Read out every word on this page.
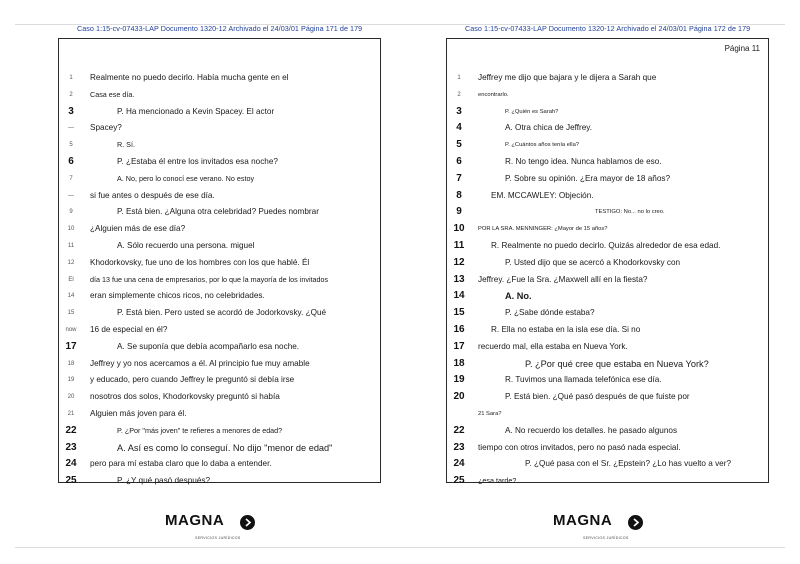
Caso 1:15-cv-07433-LAP Documento 1320-12 Archivado el 24/03/01 Página 171 de 179	Caso 1:15-cv-07433-LAP Documento 1320-12 Archivado el 24/03/01 Página 172 de 179
1	Realmente no puedo decirlo. Había mucha gente en el
2	Casa ese día.
3	P. Ha mencionado a Kevin Spacey. El actor
—	Spacey?
5	R. Sí.
6	P. ¿Estaba él entre los invitados esa noche?
7	A. No, pero lo conocí ese verano. No estoy
—	si fue antes o después de ese día.
9	P. Está bien. ¿Alguna otra celebridad? Puedes nombrar
10	¿Alguien más de ese día?
11	A. Sólo recuerdo una persona. miguel
12	Khodorkovsky, fue uno de los hombres con los que hablé. Él
El	día 13 fue una cena de empresarios, por lo que la mayoría de los invitados
14	eran simplemente chicos ricos, no celebridades.
15	P. Está bien. Pero usted se acordó de Jodorkovsky. ¿Qué
now	16 de especial en él?
17	A. Se suponía que debía acompañarlo esa noche.
18	Jeffrey y yo nos acercamos a él. Al principio fue muy amable
19	y educado, pero cuando Jeffrey le preguntó si debía irse
20	nosotros dos solos, Khodorkovsky preguntó si había
21	Alguien más joven para él.
22	P. ¿Por "más joven" te refieres a menores de edad?
23	A. Así es como lo conseguí. No dijo "menor de edad"
24	pero para mí estaba claro que lo daba a entender.
25	P. ¿Y qué pasó después?
Página 11
1	Jeffrey me dijo que bajara y le dijera a Sarah que
2	encontrarlo.
3	P. ¿Quién es Sarah?
4	A. Otra chica de Jeffrey.
5	P. ¿Cuántos años tenía ella?
6	R. No tengo idea. Nunca hablamos de eso.
7	P. Sobre su opinión. ¿Era mayor de 18 años?
8	EM. MCCAWLEY: Objeción.
9	TESTIGO: No... no lo creo.
10	POR LA SRA. MENNINGER: ¿Mayor de 15 años?
11	R. Realmente no puedo decirlo. Quizás alrededor de esa edad.
12	P. Usted dijo que se acercó a Khodorkovsky con
13	Jeffrey. ¿Fue la Sra. ¿Maxwell allí en la fiesta?
14	A. No.
15	P. ¿Sabe dónde estaba?
16	R. Ella no estaba en la isla ese día. Si no
17	recuerdo mal, ella estaba en Nueva York.
18	P. ¿Por qué cree que estaba en Nueva York?
19	R. Tuvimos una llamada telefónica ese día.
20	P. Está bien. ¿Qué pasó después de que fuiste por
21 Sara?
22	A. No recuerdo los detalles. he pasado algunos
23	tiempo con otros invitados, pero no pasó nada especial.
24	P. ¿Qué pasa con el Sr. ¿Epstein? ¿Lo has vuelto a ver?
25	¿esa tarde?
MAGNA
SERVICIOS JURÍDICOS
MAGNA
SERVICIOS JURÍDICOS
